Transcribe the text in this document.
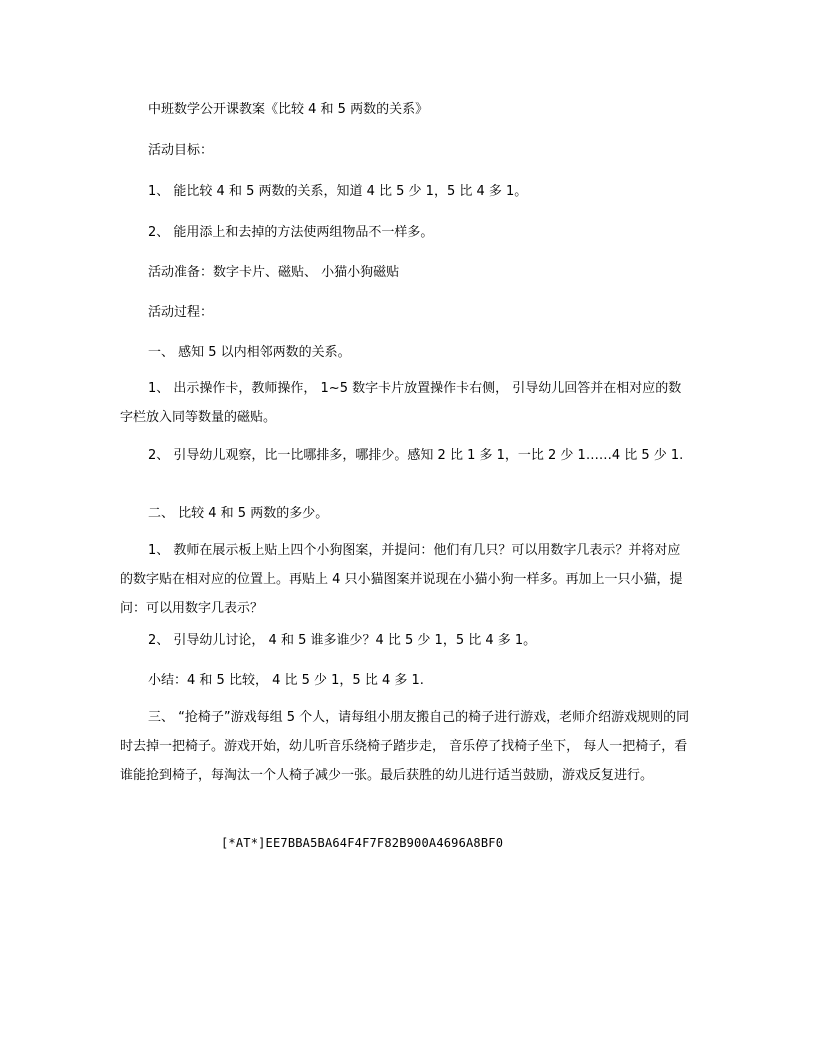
中班数学公开课教案《比较 4 和 5 两数的关系》
活动目标：
1、 能比较 4 和 5 两数的关系，知道 4 比 5 少 1，5 比 4 多 1。
2、 能用添上和去掉的方法使两组物品不一样多。
活动准备：数字卡片、磁贴、 小猫小狗磁贴
活动过程：
一、 感知 5 以内相邻两数的关系。
1、 出示操作卡，教师操作， 1~5 数字卡片放置操作卡右侧， 引导幼儿回答并在相对应的数字栏放入同等数量的磁贴。
2、 引导幼儿观察，比一比哪排多，哪排少。感知 2 比 1 多 1，一比 2 少 1……4 比 5 少 1.
二、 比较 4 和 5 两数的多少。
1、 教师在展示板上贴上四个小狗图案，并提问：他们有几只？可以用数字几表示？并将对应的数字贴在相对应的位置上。再贴上 4 只小猫图案并说现在小猫小狗一样多。再加上一只小猫，提问：可以用数字几表示？
2、 引导幼儿讨论， 4 和 5 谁多谁少？4 比 5 少 1，5 比 4 多 1。
小结：4 和 5 比较， 4 比 5 少 1，5 比 4 多 1.
三、 “抢椅子”游戏每组 5 个人，请每组小朋友搬自己的椅子进行游戏，老师介绍游戏规则的同时去掉一把椅子。游戏开始，幼儿听音乐绕椅子踏步走， 音乐停了找椅子坐下， 每人一把椅子，看谁能抢到椅子，每淘汰一个人椅子减少一张。最后获胜的幼儿进行适当鼓励，游戏反复进行。
[*AT*]EE7BBA5BA64F4F7F82B900A4696A8BF0
